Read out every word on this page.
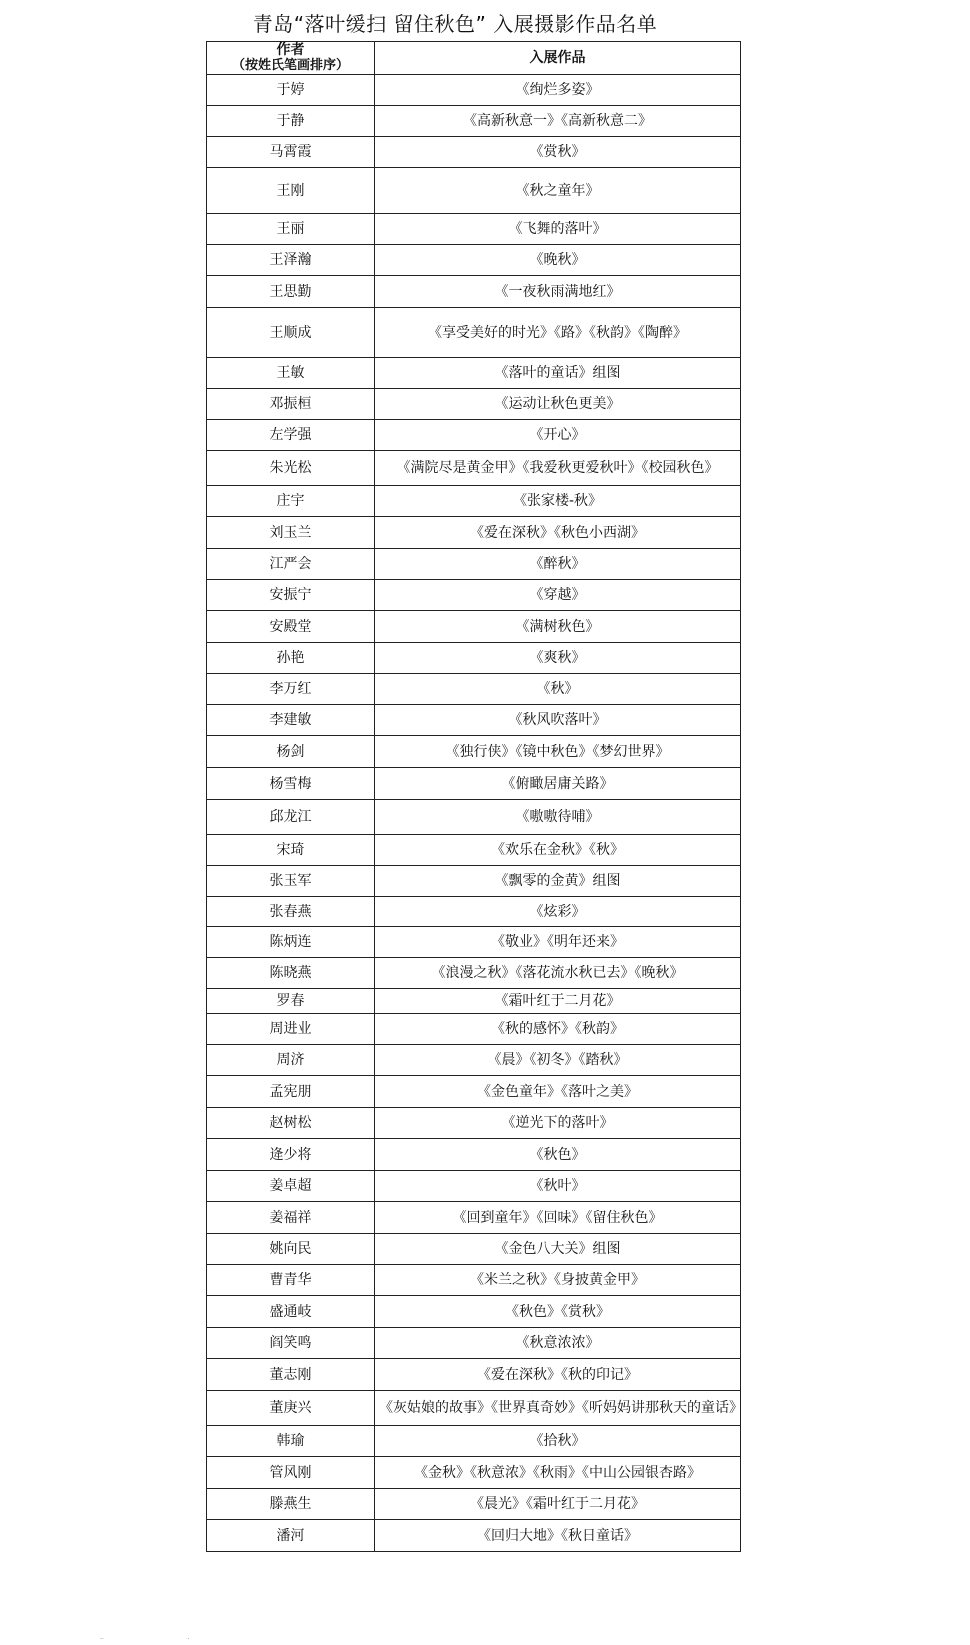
青岛“落叶缓扫 留住秋色” 入展摄影作品名单
作者
（按姓氏笔画排序）	入展作品
于婷	《绚烂多姿》
于静	《高新秋意一》《高新秋意二》
马霄霞	《赏秋》
王刚	《秋之童年》
王丽	《飞舞的落叶》
王泽瀚	《晚秋》
王思勤	《一夜秋雨满地红》
王顺成	《享受美好的时光》《路》《秋韵》《陶醉》
王敏	《落叶的童话》组图
邓振桓	《运动让秋色更美》
左学强	《开心》
朱光松	《满院尽是黄金甲》《我爱秋更爱秋叶》《校园秋色》
庄宇	《张家楼-秋》
刘玉兰	《爱在深秋》《秋色小西湖》
江严会	《醉秋》
安振宁	《穿越》
安殿堂	《满树秋色》
孙艳	《爽秋》
李万红	《秋》
李建敏	《秋风吹落叶》
杨剑	《独行侠》《镜中秋色》《梦幻世界》
杨雪梅	《俯瞰居庸关路》
邱龙江	《嗷嗷待哺》
宋琦	《欢乐在金秋》《秋》
张玉军	《飘零的金黄》组图
张春燕	《炫彩》
陈炳连	《敬业》《明年还来》
陈晓燕	《浪漫之秋》《落花流水秋已去》《晚秋》
罗春	《霜叶红于二月花》
周进业	《秋的感怀》《秋韵》
周济	《晨》《初冬》《踏秋》
孟宪朋	《金色童年》《落叶之美》
赵树松	《逆光下的落叶》
逄少将	《秋色》
姜卓超	《秋叶》
姜福祥	《回到童年》《回味》《留住秋色》
姚向民	《金色八大关》组图
曹青华	《米兰之秋》《身披黄金甲》
盛通岐	《秋色》《赏秋》
阎笑鸣	《秋意浓浓》
董志刚	《爱在深秋》《秋的印记》
董庚兴	《灰姑娘的故事》《世界真奇妙》《听妈妈讲那秋天的童话》
韩瑜	《拾秋》
管风刚	《金秋》《秋意浓》《秋雨》《中山公园银杏路》
滕燕生	《晨光》《霜叶红于二月花》
潘河	《回归大地》《秋日童话》
··                                            ·
